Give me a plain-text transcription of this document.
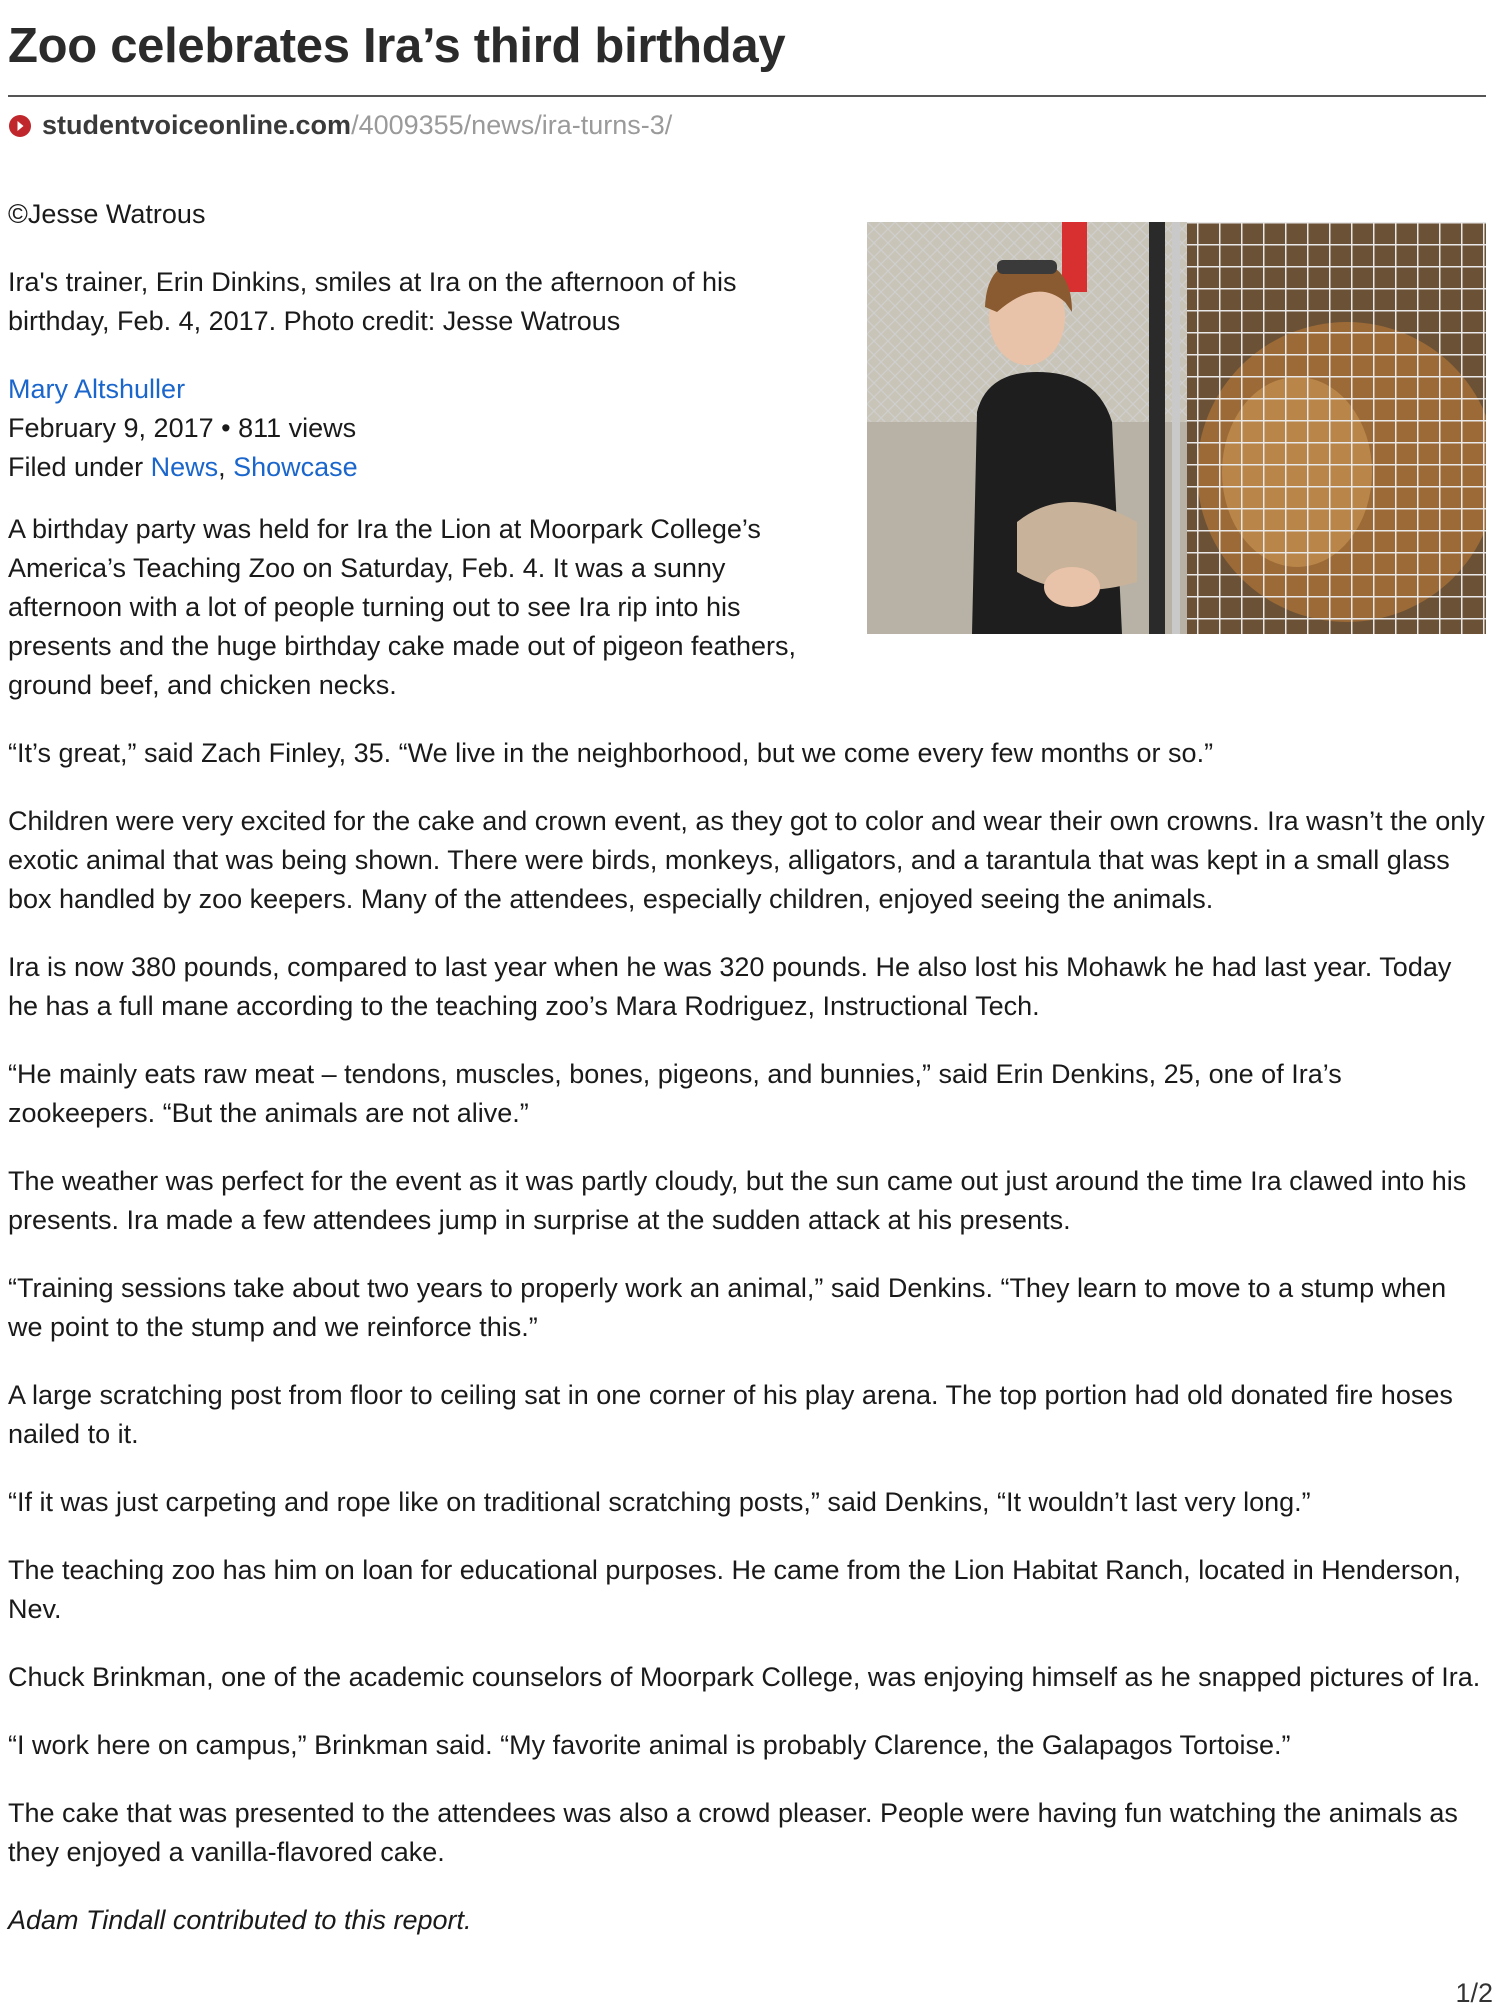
Zoo celebrates Ira’s third birthday
studentvoiceonline.com /4009355/news/ira-turns-3/

©Jesse Watrous

Ira's trainer, Erin Dinkins, smiles at Ira on the afternoon of his birthday, Feb. 4, 2017. Photo credit: Jesse Watrous

Mary Altshuller
February 9, 2017 • 811 views
Filed under News, Showcase

A birthday party was held for Ira the Lion at Moorpark College’s America’s Teaching Zoo on Saturday, Feb. 4. It was a sunny afternoon with a lot of people turning out to see Ira rip into his presents and the huge birthday cake made out of pigeon feathers, ground beef, and chicken necks.

“It’s great,” said Zach Finley, 35. “We live in the neighborhood, but we come every few months or so.”

Children were very excited for the cake and crown event, as they got to color and wear their own crowns. Ira wasn’t the only exotic animal that was being shown. There were birds, monkeys, alligators, and a tarantula that was kept in a small glass box handled by zoo keepers. Many of the attendees, especially children, enjoyed seeing the animals.

Ira is now 380 pounds, compared to last year when he was 320 pounds. He also lost his Mohawk he had last year. Today he has a full mane according to the teaching zoo’s Mara Rodriguez, Instructional Tech.

“He mainly eats raw meat – tendons, muscles, bones, pigeons, and bunnies,” said Erin Denkins, 25, one of Ira’s zookeepers. “But the animals are not alive.”

The weather was perfect for the event as it was partly cloudy, but the sun came out just around the time Ira clawed into his presents. Ira made a few attendees jump in surprise at the sudden attack at his presents.

“Training sessions take about two years to properly work an animal,” said Denkins. “They learn to move to a stump when we point to the stump and we reinforce this.”

A large scratching post from floor to ceiling sat in one corner of his play arena. The top portion had old donated fire hoses nailed to it.

“If it was just carpeting and rope like on traditional scratching posts,” said Denkins, “It wouldn’t last very long.”

The teaching zoo has him on loan for educational purposes. He came from the Lion Habitat Ranch, located in Henderson, Nev.

Chuck Brinkman, one of the academic counselors of Moorpark College, was enjoying himself as he snapped pictures of Ira.

“I work here on campus,” Brinkman said. “My favorite animal is probably Clarence, the Galapagos Tortoise.”

The cake that was presented to the attendees was also a crowd pleaser. People were having fun watching the animals as they enjoyed a vanilla-flavored cake.

Adam Tindall contributed to this report.

1/2
